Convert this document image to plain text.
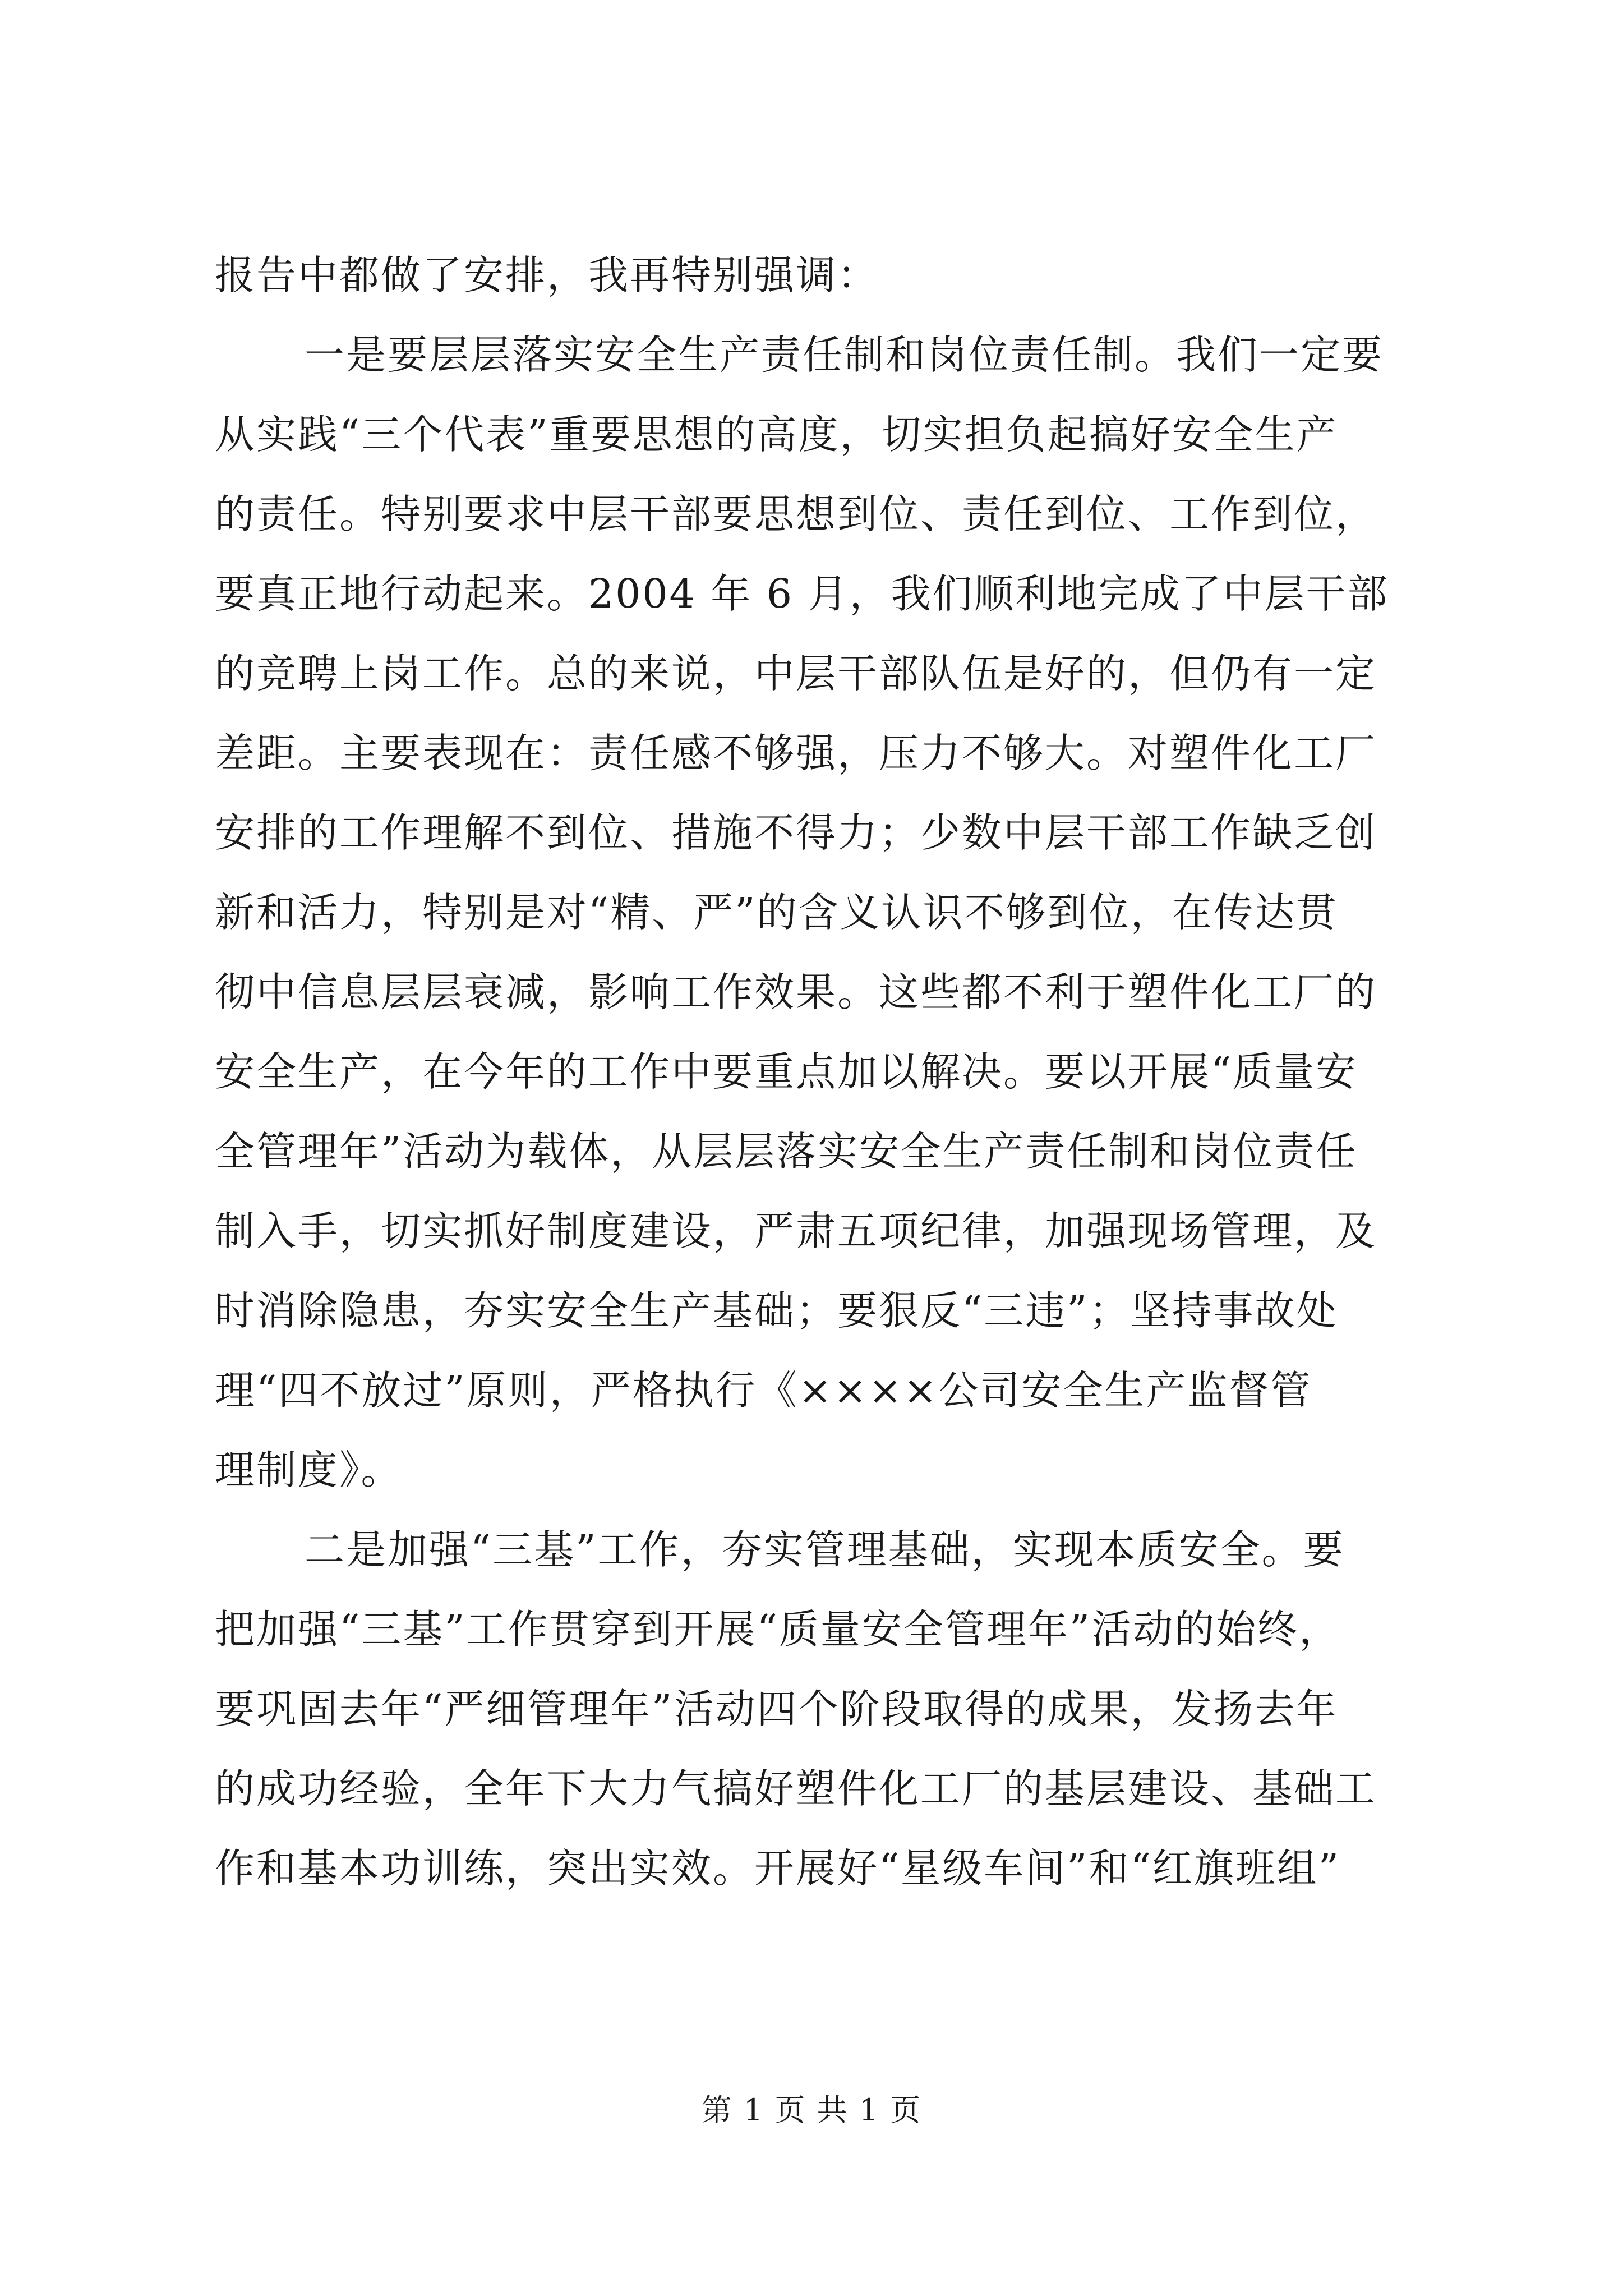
报告中都做了安排，我再特别强调：
一是要层层落实安全生产责任制和岗位责任制。我们一定要
从实践“三个代表”重要思想的高度，切实担负起搞好安全生产
的责任。特别要求中层干部要思想到位、责任到位、工作到位，
要真正地行动起来。2004 年 6 月，我们顺利地完成了中层干部
的竞聘上岗工作。总的来说，中层干部队伍是好的，但仍有一定
差距。主要表现在：责任感不够强，压力不够大。对塑件化工厂
安排的工作理解不到位、措施不得力；少数中层干部工作缺乏创
新和活力，特别是对“精、严”的含义认识不够到位，在传达贯
彻中信息层层衰减，影响工作效果。这些都不利于塑件化工厂的
安全生产，在今年的工作中要重点加以解决。要以开展“质量安
全管理年”活动为载体，从层层落实安全生产责任制和岗位责任
制入手，切实抓好制度建设，严肃五项纪律，加强现场管理，及
时消除隐患，夯实安全生产基础；要狠反“三违”；坚持事故处
理“四不放过”原则，严格执行《××××公司安全生产监督管
理制度》。
二是加强“三基”工作，夯实管理基础，实现本质安全。要
把加强“三基”工作贯穿到开展“质量安全管理年”活动的始终，
要巩固去年“严细管理年”活动四个阶段取得的成果，发扬去年
的成功经验，全年下大力气搞好塑件化工厂的基层建设、基础工
作和基本功训练，突出实效。开展好“星级车间”和“红旗班组”
第 1 页 共 1 页
